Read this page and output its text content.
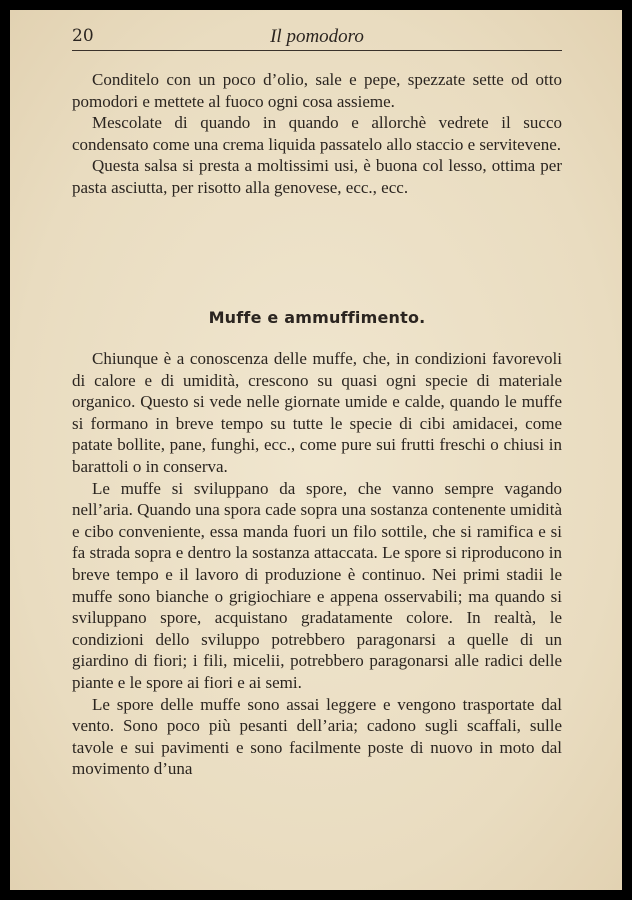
20	Il pomodoro

Conditelo con un poco d’olio, sale e pepe, spezzate sette od otto pomodori e mettete al fuoco ogni cosa assieme.

Mescolate di quando in quando e allorchè vedrete il succo condensato come una crema liquida passatelo allo staccio e servitevene.

Questa salsa si presta a moltissimi usi, è buona col lesso, ottima per pasta asciutta, per risotto alla genovese, ecc., ecc.

Muffe e ammuffimento.

Chiunque è a conoscenza delle muffe, che, in condizioni favorevoli di calore e di umidità, crescono su quasi ogni specie di materiale organico. Questo si vede nelle giornate umide e calde, quando le muffe si formano in breve tempo su tutte le specie di cibi amidacei, come patate bollite, pane, funghi, ecc., come pure sui frutti freschi o chiusi in barattoli o in conserva.

Le muffe si sviluppano da spore, che vanno sempre vagando nell’aria. Quando una spora cade sopra una sostanza contenente umidità e cibo conveniente, essa manda fuori un filo sottile, che si ramifica e si fa strada sopra e dentro la sostanza attaccata. Le spore si riproducono in breve tempo e il lavoro di produzione è continuo. Nei primi stadii le muffe sono bianche o grigiochiare e appena osservabili; ma quando si sviluppano spore, acquistano gradatamente colore. In realtà, le condizioni dello sviluppo potrebbero paragonarsi a quelle di un giardino di fiori; i fili, micelii, potrebbero paragonarsi alle radici delle piante e le spore ai fiori e ai semi.

Le spore delle muffe sono assai leggere e vengono trasportate dal vento. Sono poco più pesanti dell’aria; cadono sugli scaffali, sulle tavole e sui pavimenti e sono facilmente poste di nuovo in moto dal movimento d’una
